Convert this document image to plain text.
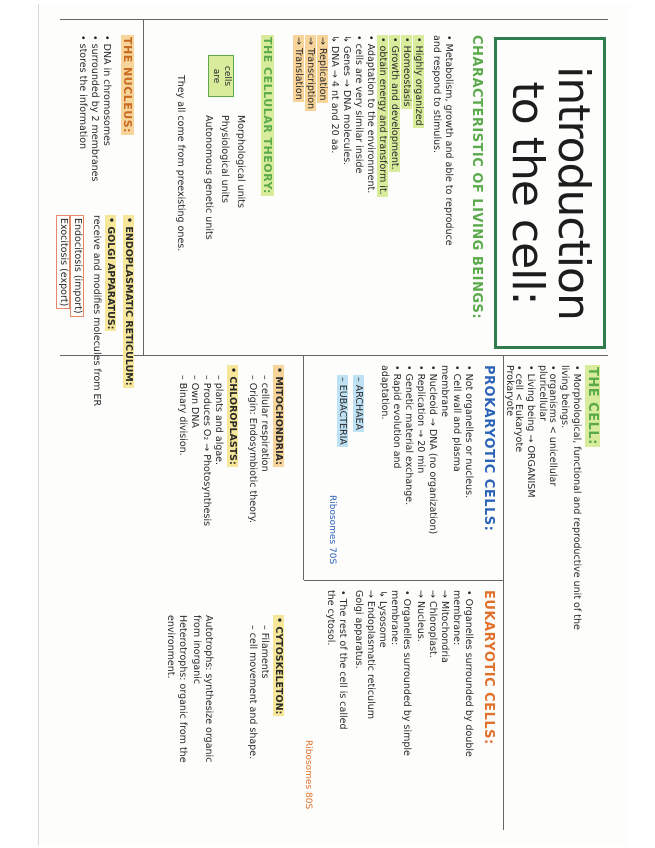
introduction to the cell:
CHARACTERISTIC OF LIVING BEINGS:
• Metabolism, growth and able to reproduce
and respond to stimulus.
• Highly organized
• Homeostasis
• Growth and development.
• obtain energy and transform it.
• Adaptation to the environment.
• cells are very similar inside
↳ Genes → DNA molecules.
↳ DNA → 4 nt and 20 aa.
→ Replication
→ Transcription
→ Translation
THE CELLULAR THEORY:
cells are
Morphological units
Physiological units
Autonomous genetic units
They all come from preexisting ones.
THE NUCLEUS:
• DNA in chromosomes
• surrounded by 2 membranes
• stores the information
• ENDOPLASMATIC RETICULUM:
• GOLGI APPARATUS:
receive and modifies molecules from ER
Endocitosis (import)
Exocitosis (export)
THE CELL:
• Morphological, functional and reproductive unit of the
living beings.
• organisms < unicellular
pluricellular
• Living being → ORGANISM
• cell < Eukaryote
Prokaryote
PROKARYOTIC CELLS:
• Not organelles or nucleus.
• Cell wall and plasma
membrane
• Nucleoid → DNA (no organization)
• Replication → 20 min
• Genetic material exchange.
• Rapid evolution and
adaptation.
– ARCHAEA
– EUBACTERIA
Ribosomes 70S
EUKARYOTIC CELLS:
• Organelles surrounded by double
membrane:
→ Mitochondria
→ Chloroplast.
→ Nucleus.
• Organelles surrounded by simple
membrane:
↳ Lysosome
→ Endoplasmatic reticulum
Golgi apparatus.
• The rest of the cell is called
the cytosol.
• MITOCHONDRIA:
– cellular respiration
– Origin: Endosymbiotic theory.
• CHLOROPLASTS:
– plants and algae.
– Produces O₂ → Photosynthesis
– Own DNA
– Binary division.
• CYTOSKELETON:
– Filaments
– cell movement and shape.
Ribosomes 80S
Autotrophs: synthesize organic
from inorganic
Heterotrophs: organic from the
environment.
